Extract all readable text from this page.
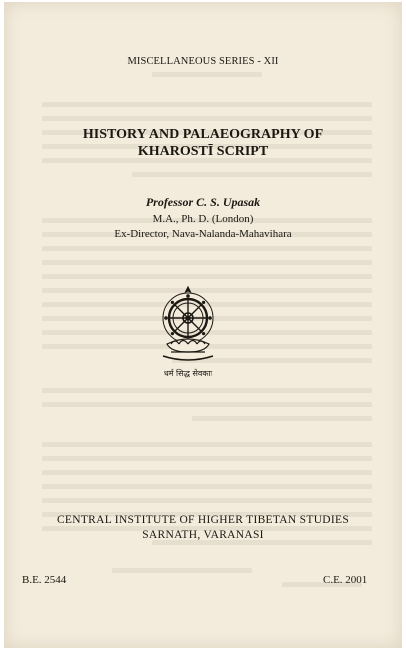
MISCELLANEOUS SERIES - XII
HISTORY AND PALAEOGRAPHY OF
KHAROSTĪ SCRIPT
Professor C. S. Upasak
M.A., Ph. D. (London)
Ex-Director, Nava-Nalanda-Mahavihara
धर्म सिद्ध सेवकाः
CENTRAL INSTITUTE OF HIGHER TIBETAN STUDIES
SARNATH, VARANASI
B.E. 2544	C.E. 2001
